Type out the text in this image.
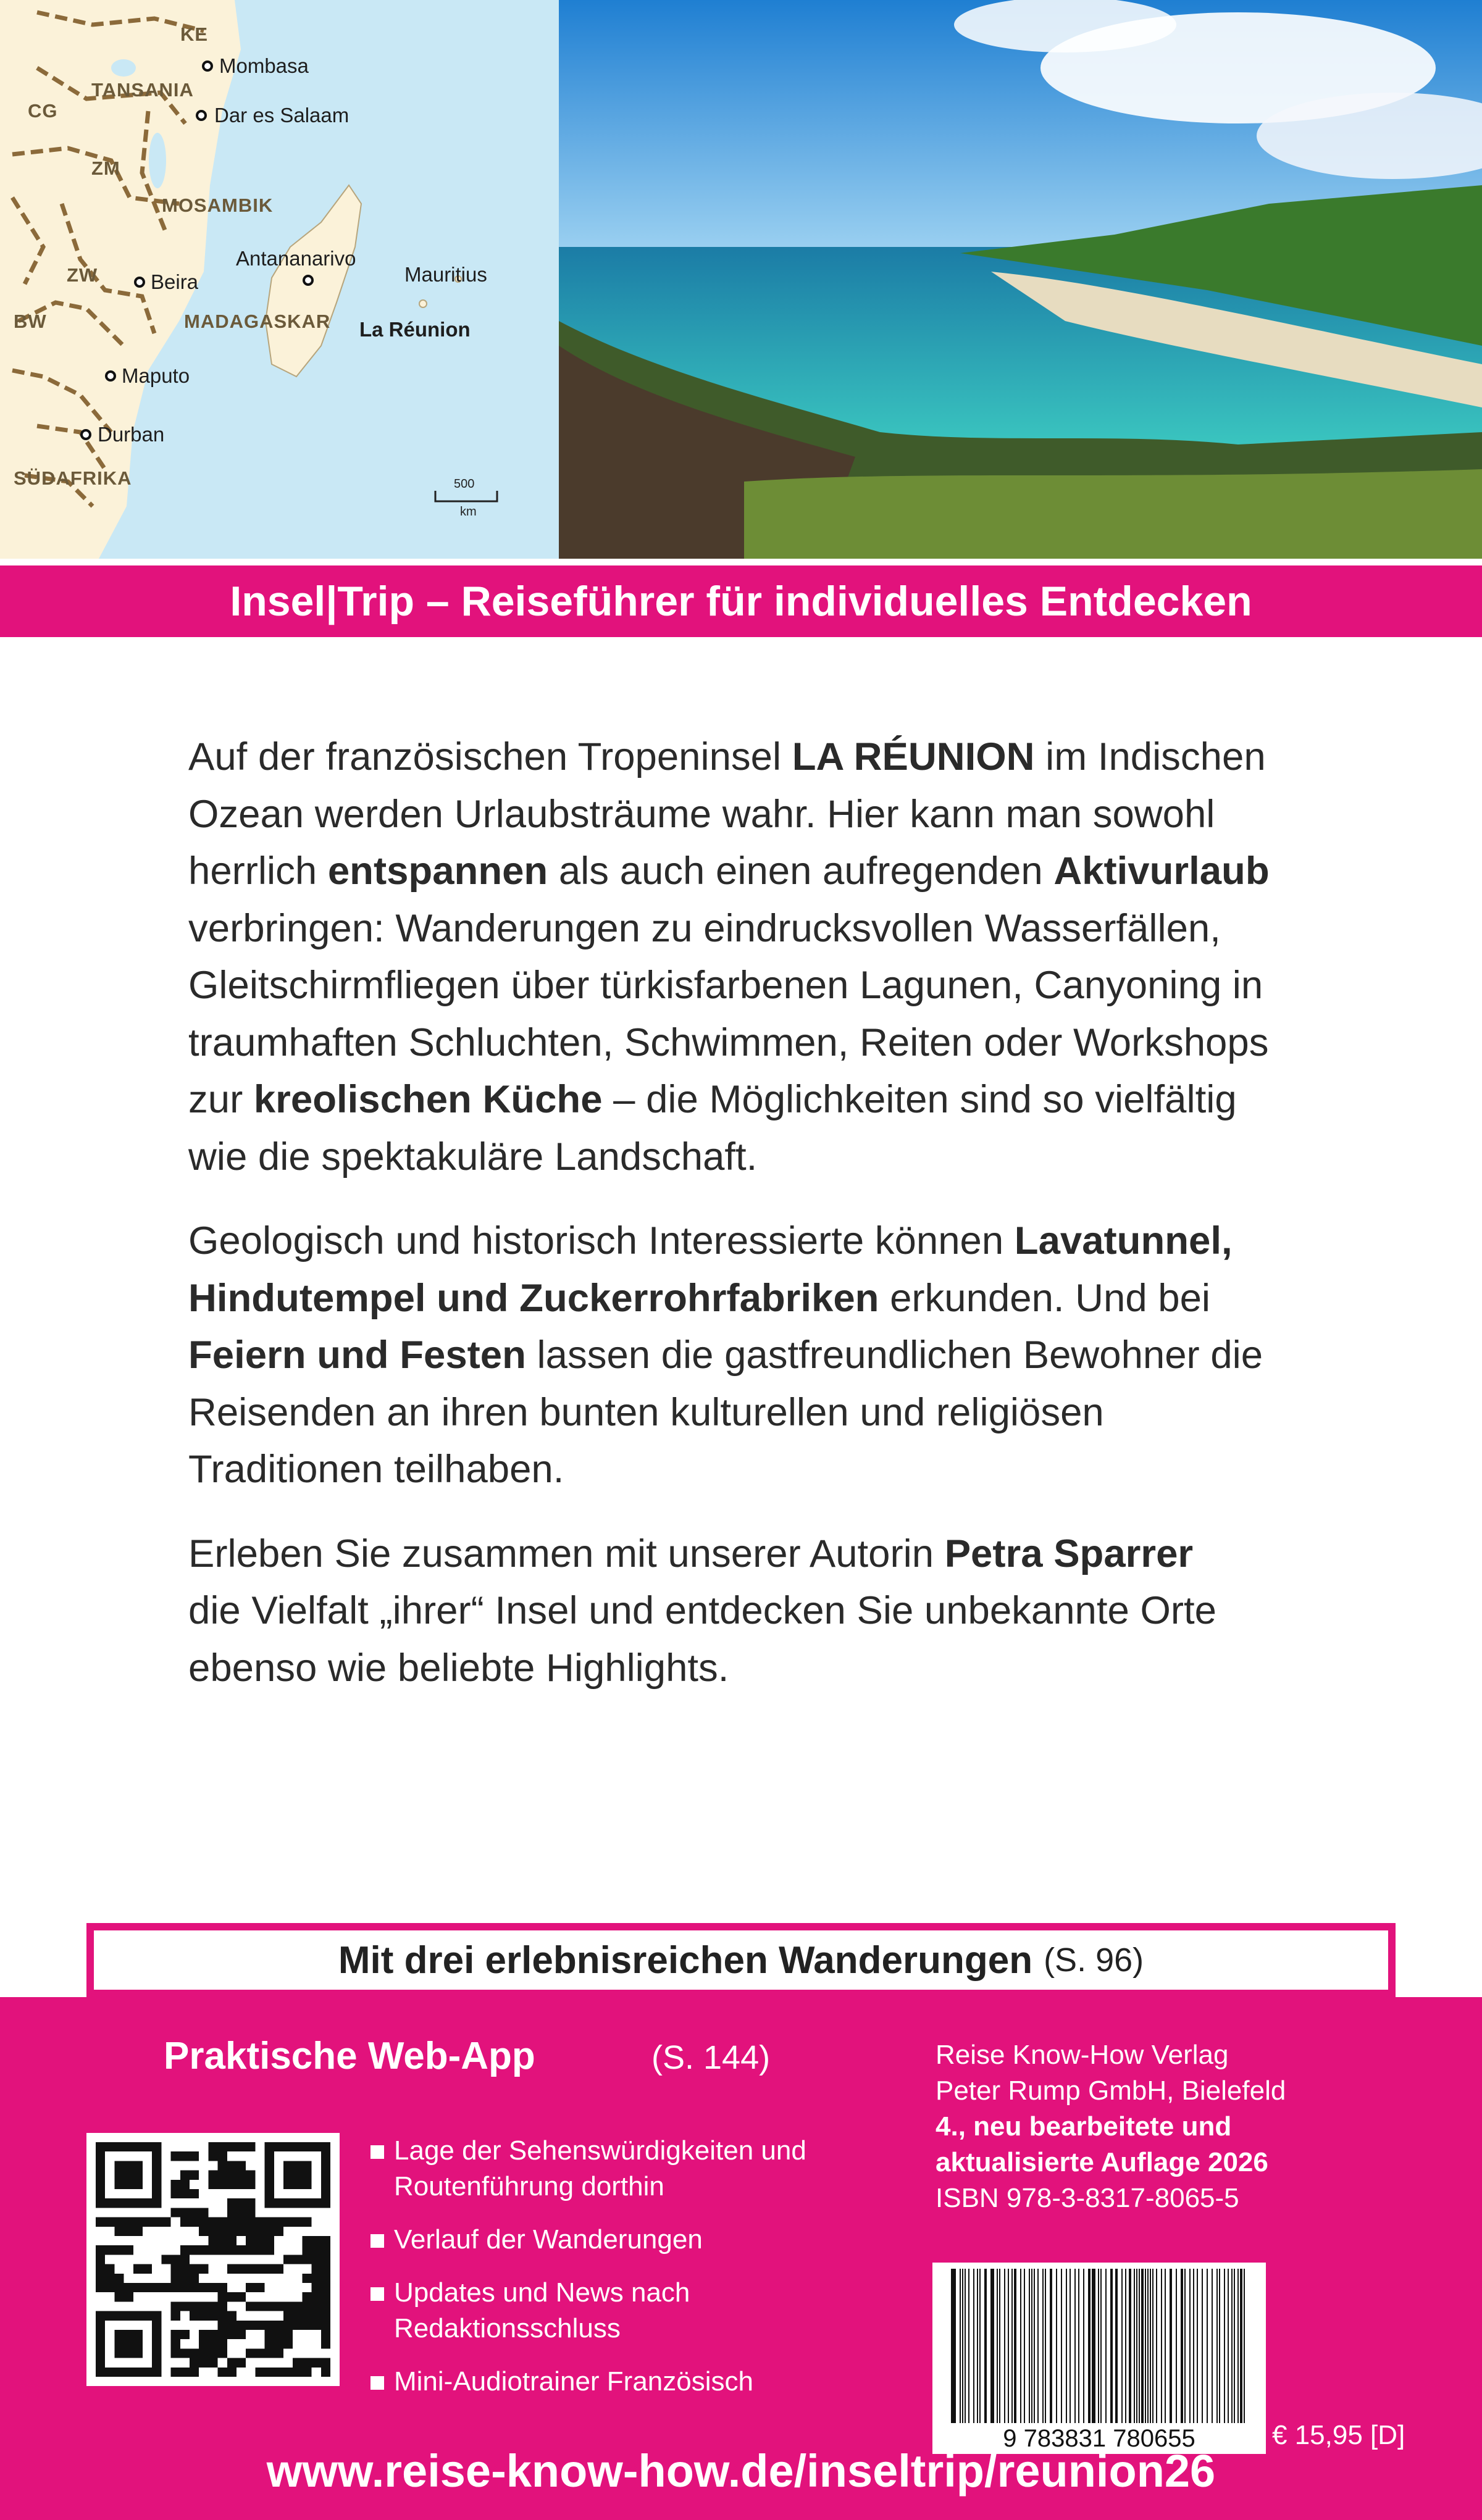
KE
TANSANIA
CG
ZM
MOSAMBIK
ZW
BW	MADAGASKAR
SÜDAFRIKA
Mombasa
Dar es Salaam
Antananarivo
Mauritius
Beira
La Réunion
Maputo
Durban
500
km
Insel|Trip – Reiseführer für individuelles Entdecken

Auf der französischen Tropeninsel LA RÉUNION im Indischen Ozean werden Urlaubsträume wahr. Hier kann man sowohl herrlich entspannen als auch einen aufregenden Aktivurlaub verbringen: Wanderungen zu eindrucksvollen Wasserfällen, Gleitschirmfliegen über türkisfarbenen Lagunen, Canyoning in traumhaften Schluchten, Schwimmen, Reiten oder Workshops zur kreolischen Küche – die Möglichkeiten sind so vielfältig wie die spektakuläre Landschaft.

Geologisch und historisch Interessierte können Lavatunnel, Hindutempel und Zuckerrohrfabriken erkunden. Und bei Feiern und Festen lassen die gastfreundlichen Bewohner die Reisenden an ihren bunten kulturellen und religiösen Traditionen teilhaben.

Erleben Sie zusammen mit unserer Autorin Petra Sparrer die Vielfalt „ihrer“ Insel und entdecken Sie unbekannte Orte ebenso wie beliebte Highlights.

Mit drei erlebnisreichen Wanderungen (S. 96)
Praktische Web-App	(S. 144)
Lage der Sehenswürdigkeiten und Routenführung dorthin
Verlauf der Wanderungen
Updates und News nach Redaktionsschluss
Mini-Audiotrainer Französisch
Reise Know-How Verlag
Peter Rump GmbH, Bielefeld
4., neu bearbeitete und
aktualisierte Auflage 2026
ISBN 978-3-8317-8065-5
9 783831 780655	€ 15,95 [D]
www.reise-know-how.de/inseltrip/reunion26
